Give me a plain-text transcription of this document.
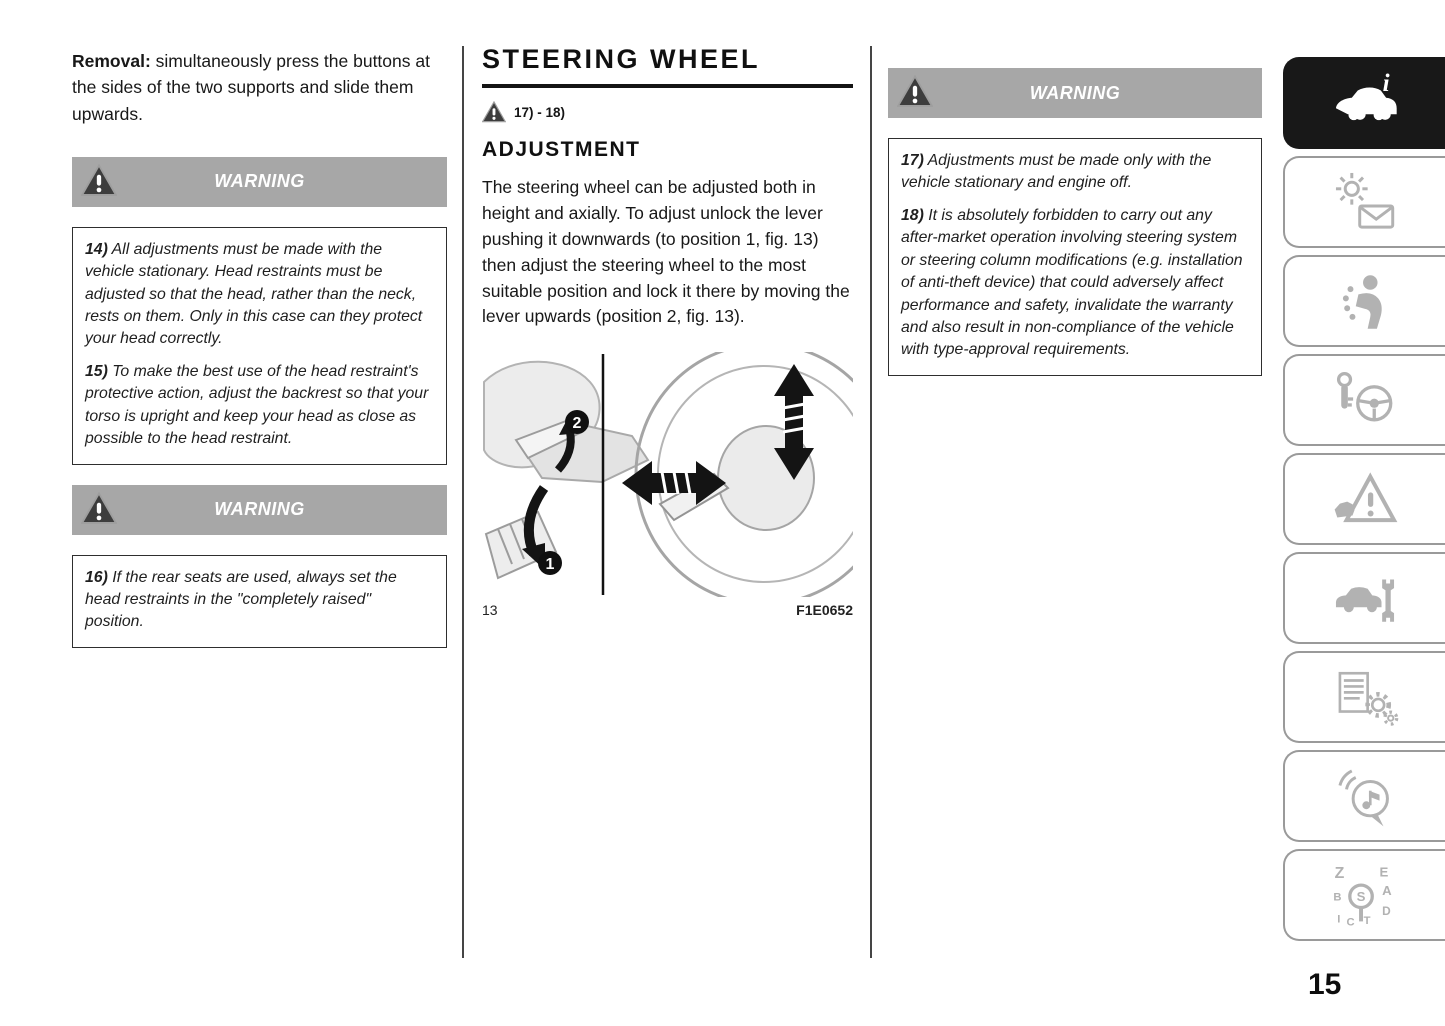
Removal: simultaneously press the buttons at the sides of the two supports and slide them upwards.

WARNING

14) All adjustments must be made with the vehicle stationary. Head restraints must be adjusted so that the head, rather than the neck, rests on them. Only in this case can they protect your head correctly.

15) To make the best use of the head restraint's protective action, adjust the backrest so that your torso is upright and keep your head as close as possible to the head restraint.

WARNING

16) If the rear seats are used, always set the head restraints in the "completely raised" position.

STEERING WHEEL
17) - 18)
ADJUSTMENT

The steering wheel can be adjusted both in height and axially. To adjust unlock the lever pushing it downwards (to position 1, fig. 13) then adjust the steering wheel to the most suitable position and lock it there by moving the lever upwards (position 2, fig. 13).

2
1
13	F1E0652
WARNING

17) Adjustments must be made only with the vehicle stationary and engine off.

18) It is absolutely forbidden to carry out any after-market operation involving steering system or steering column modifications (e.g. installation of anti-theft device) that could adversely affect performance and safety, invalidate the warranty and also result in non-compliance of the vehicle with type-approval requirements.

i
Z E
B A
D
I C T
S
15
